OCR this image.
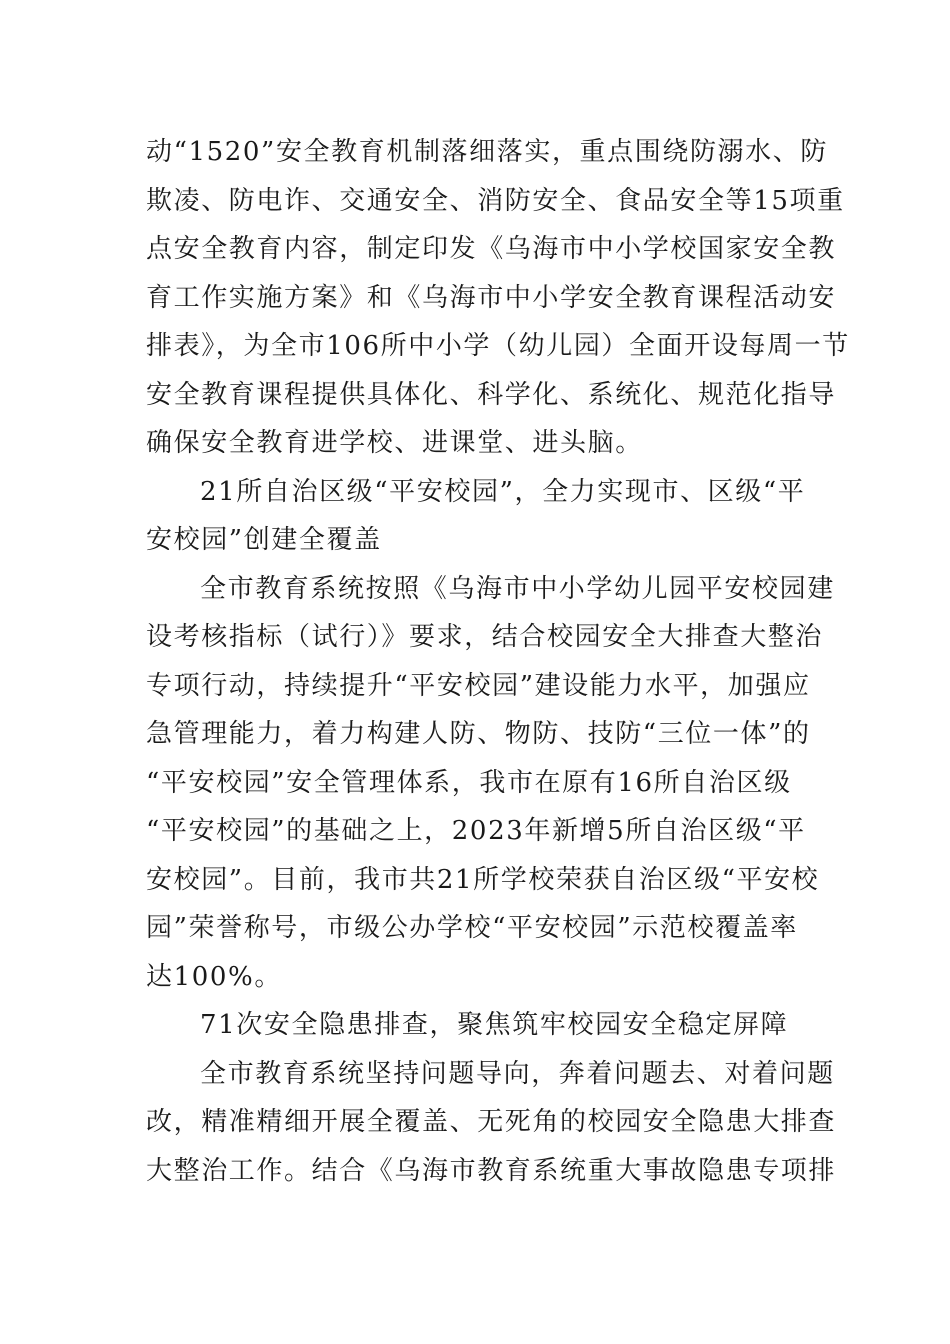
动“1520”安全教育机制落细落实，重点围绕防溺水、防
欺凌、防电诈、交通安全、消防安全、食品安全等15项重
点安全教育内容，制定印发《乌海市中小学校国家安全教
育工作实施方案》和《乌海市中小学安全教育课程活动安
排表》，为全市106所中小学（幼儿园）全面开设每周一节
安全教育课程提供具体化、科学化、系统化、规范化指导
确保安全教育进学校、进课堂、进头脑。
21所自治区级“平安校园”，全力实现市、区级“平
安校园”创建全覆盖
全市教育系统按照《乌海市中小学幼儿园平安校园建
设考核指标（试行）》要求，结合校园安全大排查大整治
专项行动，持续提升“平安校园”建设能力水平，加强应
急管理能力，着力构建人防、物防、技防“三位一体”的
“平安校园”安全管理体系，我市在原有16所自治区级
“平安校园”的基础之上，2023年新增5所自治区级“平
安校园”。目前，我市共21所学校荣获自治区级“平安校
园”荣誉称号，市级公办学校“平安校园”示范校覆盖率
达100%。
71次安全隐患排查，聚焦筑牢校园安全稳定屏障
全市教育系统坚持问题导向，奔着问题去、对着问题
改，精准精细开展全覆盖、无死角的校园安全隐患大排查
大整治工作。结合《乌海市教育系统重大事故隐患专项排
